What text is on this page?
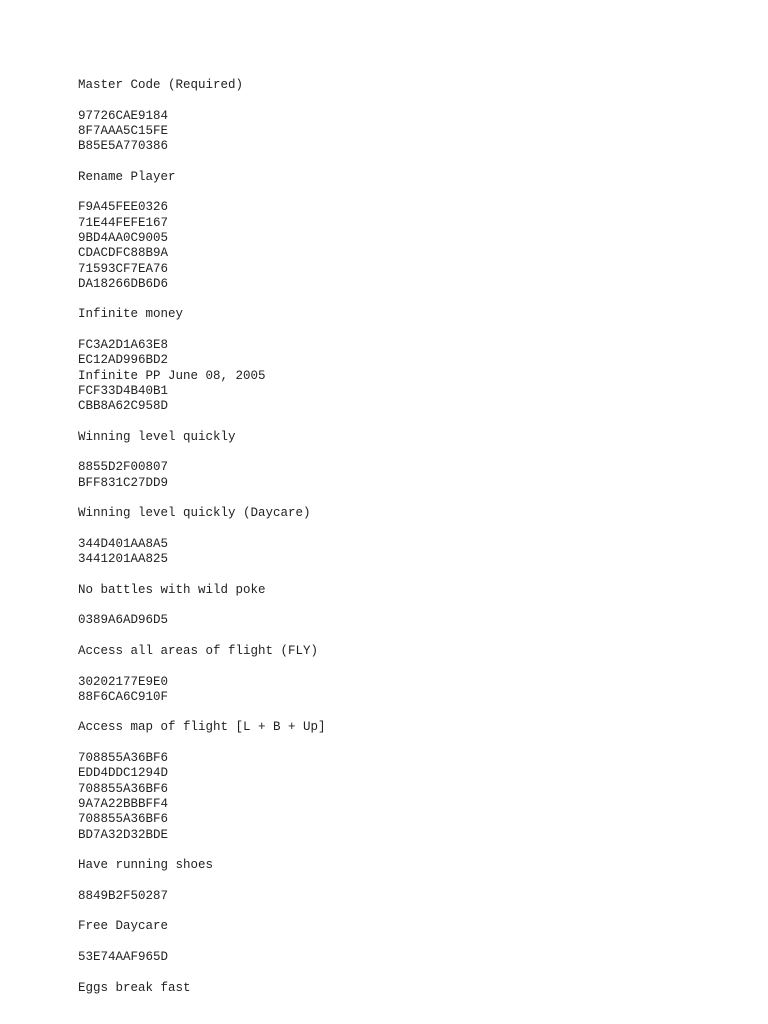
Master Code (Required)
97726CAE9184
8F7AAA5C15FE
B85E5A770386
Rename Player
F9A45FEE0326
71E44FEFE167
9BD4AA0C9005
CDACDFC88B9A
71593CF7EA76
DA18266DB6D6
Infinite money
FC3A2D1A63E8
EC12AD996BD2
Infinite PP June 08, 2005
FCF33D4B40B1
CBB8A62C958D
Winning level quickly
8855D2F00807
BFF831C27DD9
Winning level quickly (Daycare)
344D401AA8A5
3441201AA825
No battles with wild poke
0389A6AD96D5
Access all areas of flight (FLY)
30202177E9E0
88F6CA6C910F
Access map of flight [L + B + Up]
708855A36BF6
EDD4DDC1294D
708855A36BF6
9A7A22BBBFF4
708855A36BF6
BD7A32D32BDE
Have running shoes
8849B2F50287
Free Daycare
53E74AAF965D
Eggs break fast
